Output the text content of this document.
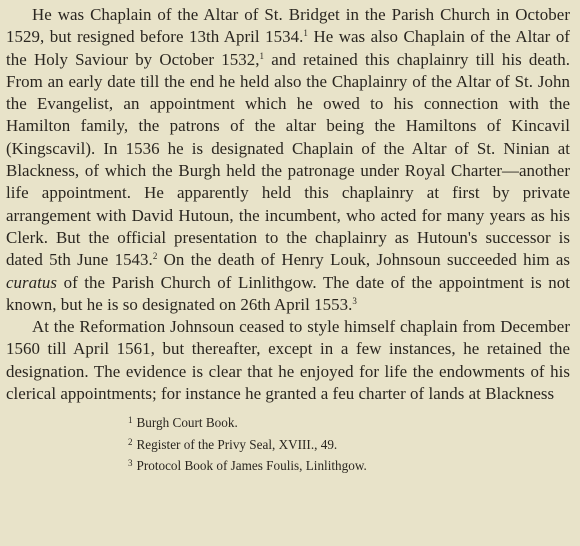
He was Chaplain of the Altar of St. Bridget in the Parish Church in October 1529, but resigned before 13th April 1534.$^1$ He was also Chaplain of the Altar of the Holy Saviour by October 1532,$^1$ and retained this chaplainry till his death. From an early date till the end he held also the Chaplainry of the Altar of St. John the Evangelist, an appointment which he owed to his connection with the Hamilton family, the patrons of the altar being the Hamiltons of Kincavil (Kingscavil). In 1536 he is designated Chaplain of the Altar of St. Ninian at Blackness, of which the Burgh held the patronage under Royal Charter—another life appointment. He apparently held this chaplainry at first by private arrangement with David Hutoun, the incumbent, who acted for many years as his Clerk. But the official presentation to the chaplainry as Hutoun's successor is dated 5th June 1543.$^2$ On the death of Henry Louk, Johnsoun succeeded him as curatus of the Parish Church of Linlithgow. The date of the appointment is not known, but he is so designated on 26th April 1553.$^3$

At the Reformation Johnsoun ceased to style himself chaplain from December 1560 till April 1561, but thereafter, except in a few instances, he retained the designation. The evidence is clear that he enjoyed for life the endowments of his clerical appointments; for instance he granted a feu charter of lands at Blackness

$^1$ Burgh Court Book.
$^2$ Register of the Privy Seal, XVIII., 49.
$^3$ Protocol Book of James Foulis, Linlithgow.
